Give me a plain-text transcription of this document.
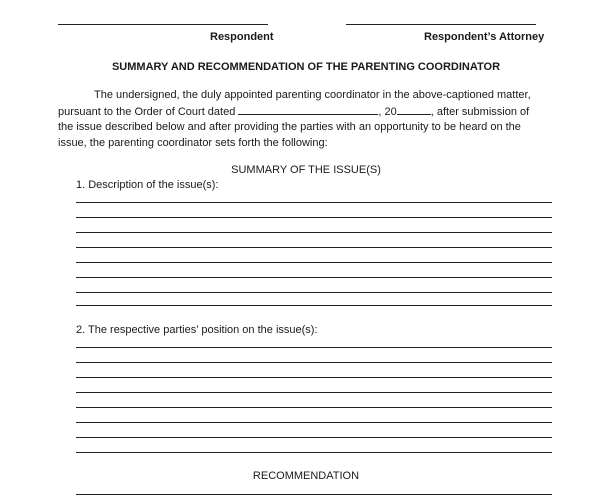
Respondent	Respondent’s Attorney
SUMMARY AND RECOMMENDATION OF THE PARENTING COORDINATOR
The undersigned, the duly appointed parenting coordinator in the above-captioned matter,
pursuant to the Order of Court dated	, 20	, after submission of
the issue described below and after providing the parties with an opportunity to be heard on the
issue, the parenting coordinator sets forth the following:
SUMMARY OF THE ISSUE(S)
1. Description of the issue(s):
2. The respective parties’ position on the issue(s):
RECOMMENDATION
